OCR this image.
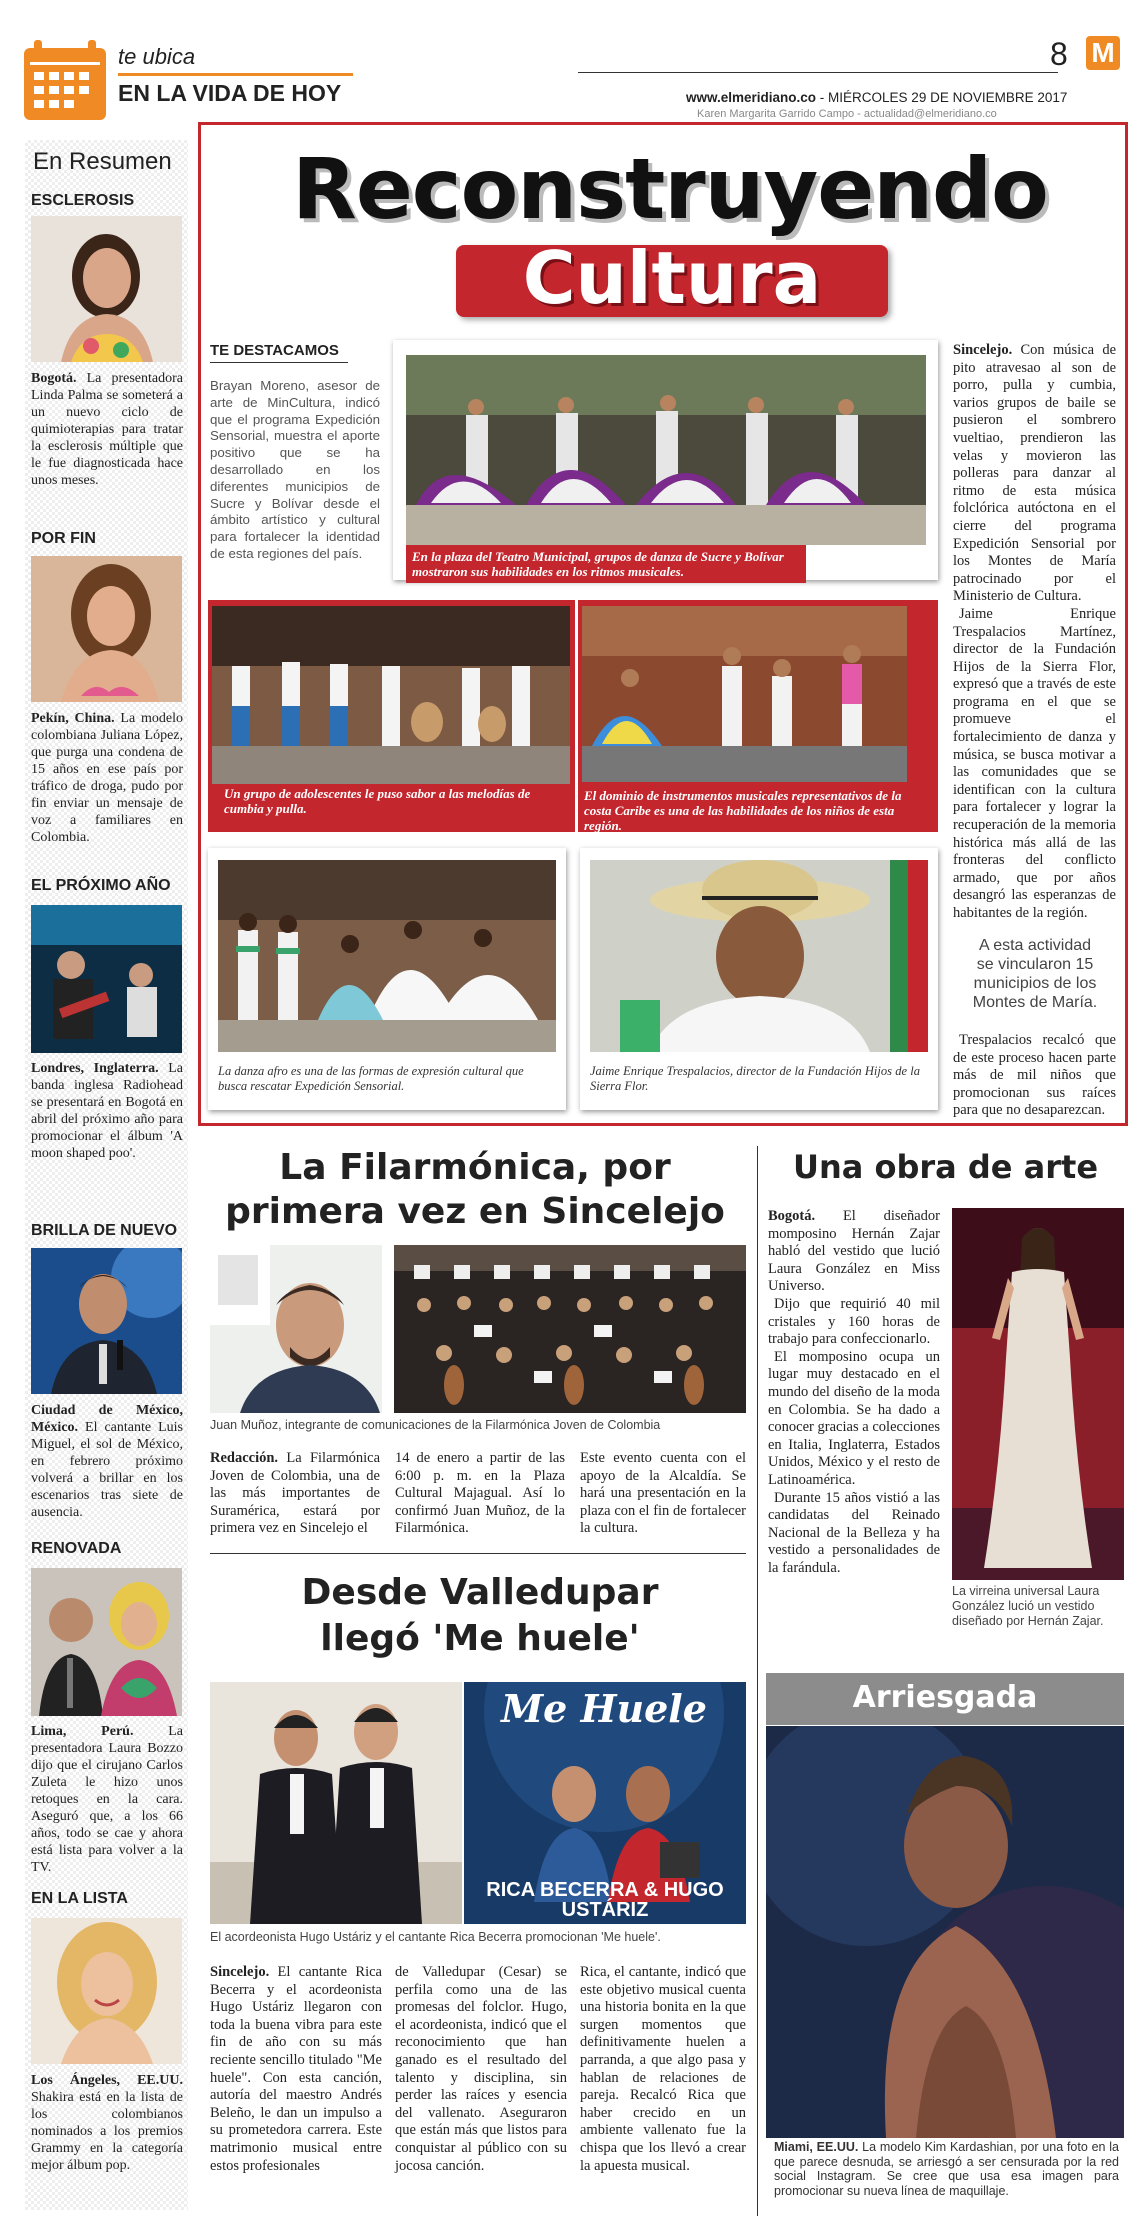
te ubica
EN LA VIDA DE HOY
8 M
www.elmeridiano.co - MIÉRCOLES 29 DE NOVIEMBRE 2017
Karen Margarita Garrido Campo - actualidad@elmeridiano.co
En Resumen
ESCLEROSIS

Bogotá. La presentadora Linda Palma se someterá a un nuevo ciclo de quimioterapias para tratar la esclerosis múltiple que le fue diagnosticada hace unos meses.

POR FIN

Pekín, China. La modelo colombiana Juliana López, que purga una condena de 15 años en ese país por tráfico de droga, pudo por fin enviar un mensaje de voz a familiares en Colombia.

EL PRÓXIMO AÑO

Londres, Inglaterra. La banda inglesa Radiohead se presentará en Bogotá en abril del próximo año para promocionar el álbum 'A moon shaped poo'.

BRILLA DE NUEVO

Ciudad de México, México. El cantante Luis Miguel, el sol de México, en febrero próximo volverá a brillar en los escenarios tras siete de ausencia.

RENOVADA

Lima, Perú. La presentadora Laura Bozzo dijo que el cirujano Carlos Zuleta le hizo unos retoques en la cara. Aseguró que, a los 66 años, todo se cae y ahora está lista para volver a la TV.

EN LA LISTA

Los Ángeles, EE.UU. Shakira está en la lista de los colombianos nominados a los premios Grammy en la categoría mejor álbum pop.

Reconstruyendo
Cultura
TE DESTACAMOS

Brayan Moreno, asesor de arte de MinCultura, indicó que el programa Expedición Sensorial, muestra el aporte positivo que se ha desarrollado en los diferentes municipios de Sucre y Bolívar desde el ámbito artístico y cultural para fortalecer la identidad de esta regiones del país.	En la plaza del Teatro Municipal, grupos de danza de Sucre y Bolívar mostraron sus habilidades en los ritmos musicales.
Un grupo de adolescentes le puso sabor a las melodías de cumbia y pulla.
El dominio de instrumentos musicales representativos de la costa Caribe es una de las habilidades de los niños de esta región.
La danza afro es una de las formas de expresión cultural que busca rescatar Expedición Sensorial.
Jaime Enrique Trespalacios, director de la Fundación Hijos de la Sierra Flor.

Sincelejo. Con música de pito atravesao al son de porro, pulla y cumbia, varios grupos de baile se pusieron el sombrero vueltiao, prendieron las velas y movieron las polleras para danzar al ritmo de esta música folclórica autóctona en el cierre del programa Expedición Sensorial por los Montes de María patrocinado por el Ministerio de Cultura.

Jaime Enrique Trespalacios Martínez, director de la Fundación Hijos de la Sierra Flor, expresó que a través de este programa en el que se promueve el fortalecimiento de danza y música, se busca motivar a las comunidades que se identifican con la cultura para fortalecer y lograr la recuperación de la memoria histórica más allá de las fronteras del conflicto armado, que por años desangró las esperanzas de habitantes de la región.

A esta actividad se vincularon 15 municipios de los Montes de María.

Trespalacios recalcó que de este proceso hacen parte más de mil niños que promocionan sus raíces para que no desaparezcan.

La Filarmónica, por primera vez en Sincelejo
Juan Muñoz, integrante de comunicaciones de la Filarmónica Joven de Colombia

Redacción. La Filarmónica Joven de Colombia, una de las más importantes de Suramérica, estará por primera vez en Sincelejo el

14 de enero a partir de las 6:00 p. m. en la Plaza Cultural Majagual. Así lo confirmó Juan Muñoz, de la Filarmónica.

Este evento cuenta con el apoyo de la Alcaldía. Se hará una presentación en la plaza con el fin de fortalecer la cultura.

Desde Valledupar llegó 'Me huele'
Me Huele
RICA BECERRA & HUGO USTÁRIZ
El acordeonista Hugo Ustáriz y el cantante Rica Becerra promocionan 'Me huele'.

Sincelejo. El cantante Rica Becerra y el acordeonista Hugo Ustáriz llegaron con toda la buena vibra para este fin de año con su más reciente sencillo titulado "Me huele". Con esta canción, autoría del maestro Andrés Beleño, le dan un impulso a su prometedora carrera. Este matrimonio musical entre estos profesionales

de Valledupar (Cesar) se perfila como una de las promesas del folclor. Hugo, el acordeonista, indicó que el reconocimiento que han ganado es el resultado del talento y disciplina, sin perder las raíces y esencia del vallenato. Aseguraron que están más que listos para conquistar al público con su jocosa canción.

Rica, el cantante, indicó que este objetivo musical cuenta una historia bonita en la que surgen momentos que definitivamente huelen a parranda, a que algo pasa y hablan de relaciones de pareja. Recalcó Rica que haber crecido en un ambiente vallenato fue la chispa que los llevó a crear la apuesta musical.

Una obra de arte

Bogotá. El diseñador momposino Hernán Zajar habló del vestido que lució Laura González en Miss Universo.

Dijo que requirió 40 mil cristales y 160 horas de trabajo para confeccionarlo.

El momposino ocupa un lugar muy destacado en el mundo del diseño de la moda en Colombia. Se ha dado a conocer gracias a colecciones en Italia, Inglaterra, Estados Unidos, México y el resto de Latinoamérica.

Durante 15 años vistió a las candidatas del Reinado Nacional de la Belleza y ha vestido a personalidades de la farándula.

La virreina universal Laura González lució un vestido diseñado por Hernán Zajar.
Arriesgada

Miami, EE.UU. La modelo Kim Kardashian, por una foto en la que parece desnuda, se arriesgó a ser censurada por la red social Instagram. Se cree que usa esa imagen para promocionar su nueva línea de maquillaje.
